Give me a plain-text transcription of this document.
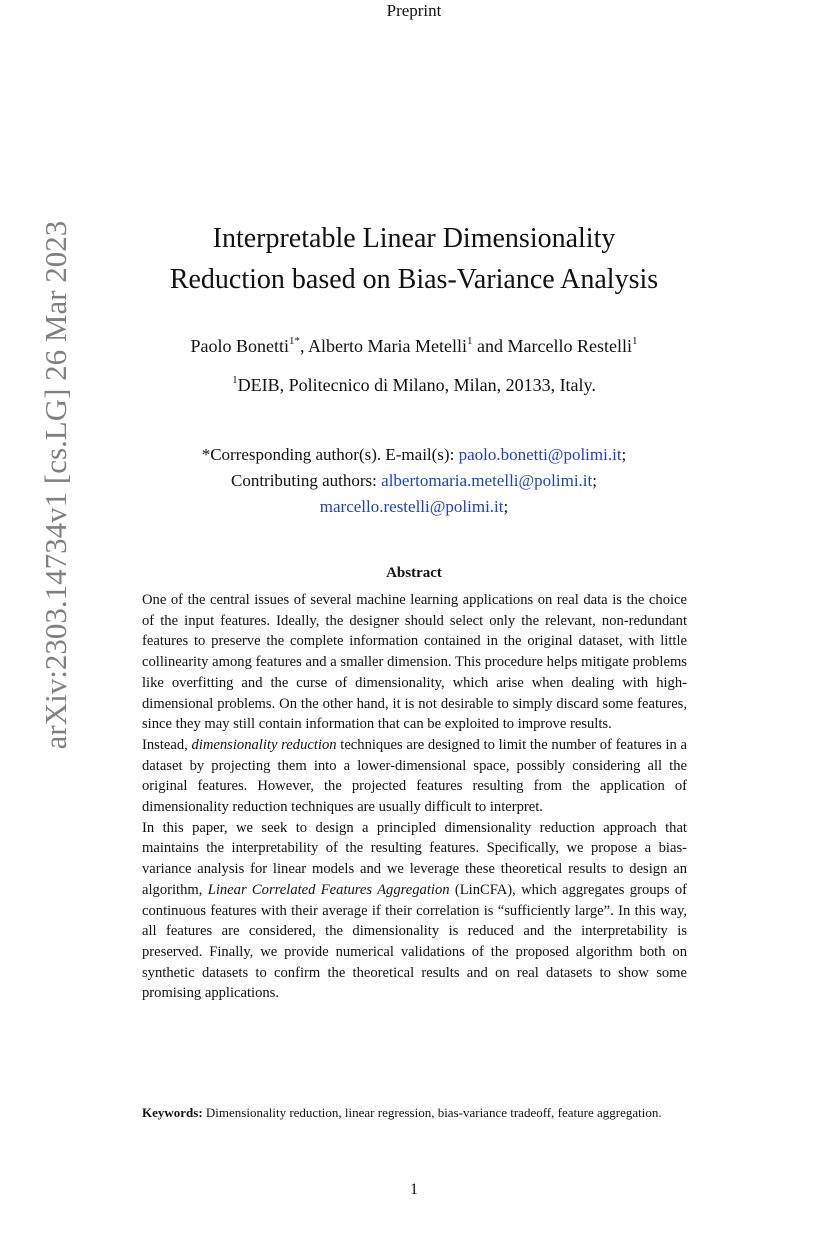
Preprint
arXiv:2303.14734v1 [cs.LG] 26 Mar 2023	Interpretable Linear Dimensionality
Reduction based on Bias-Variance Analysis
Paolo Bonetti$^{1*}$, Alberto Maria Metelli$^1$ and Marcello Restelli$^1$
$^1$DEIB, Politecnico di Milano, Milan, 20133, Italy.
*Corresponding author(s). E-mail(s): paolo.bonetti@polimi.it;
Contributing authors: albertomaria.metelli@polimi.it;
marcello.restelli@polimi.it;
Abstract

One of the central issues of several machine learning applications on real data is the choice of the input features. Ideally, the designer should select only the relevant, non-redundant features to preserve the complete information contained in the original dataset, with little collinearity among features and a smaller dimension. This procedure helps mitigate problems like overfitting and the curse of dimensionality, which arise when dealing with high-dimensional problems. On the other hand, it is not desirable to simply discard some features, since they may still contain information that can be exploited to improve results.

Instead, dimensionality reduction techniques are designed to limit the number of features in a dataset by projecting them into a lower-dimensional space, possibly considering all the original features. However, the projected features resulting from the application of dimensionality reduction techniques are usually difficult to interpret.

In this paper, we seek to design a principled dimensionality reduction approach that maintains the interpretability of the resulting features. Specifically, we propose a bias-variance analysis for linear models and we leverage these theoretical results to design an algorithm, Linear Correlated Features Aggregation (LinCFA), which aggregates groups of continuous features with their average if their correlation is “sufficiently large”. In this way, all features are considered, the dimensionality is reduced and the interpretability is preserved. Finally, we provide numerical validations of the proposed algorithm both on synthetic datasets to confirm the theoretical results and on real datasets to show some promising applications.

Keywords: Dimensionality reduction, linear regression, bias-variance tradeoff, feature aggregation.
1
